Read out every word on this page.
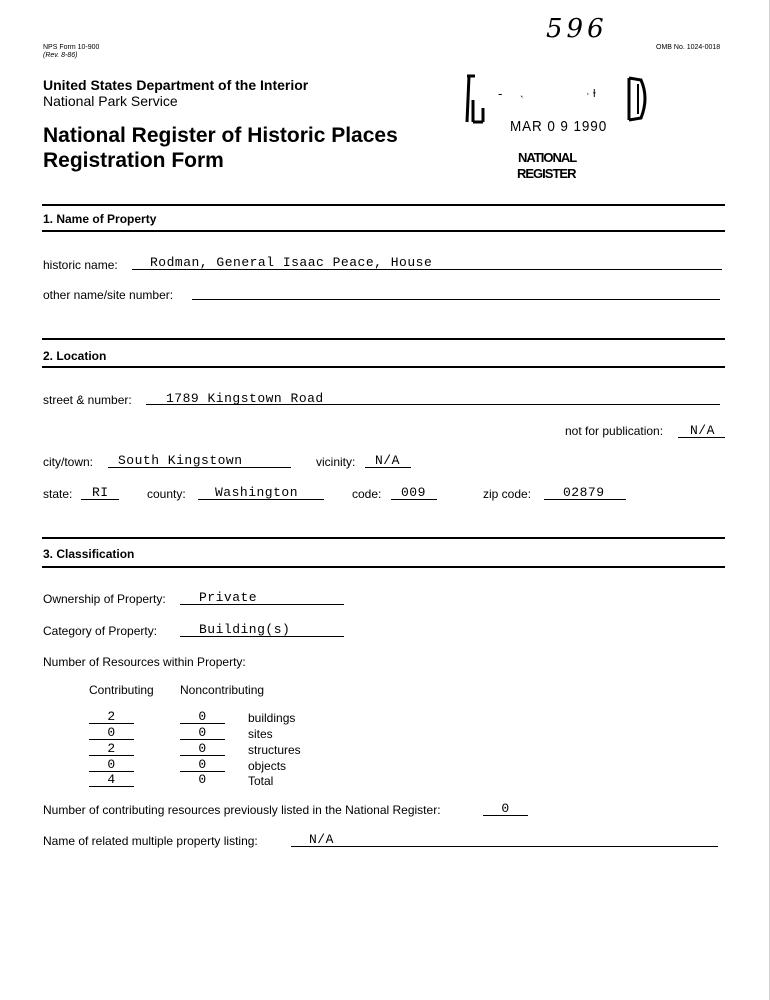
NPS Form 10-900
(Rev. 8-86)
OMB No. 1024-0018
596
United States Department of the Interior
National Park Service
National Register of Historic Places
Registration Form
- ˎ	· Ɨ
MAR 0 9 1990
NATIONAL
REGISTER
1. Name of Property
historic name: Rodman, General Isaac Peace, House
other name/site number:
2. Location
street & number:	1789 Kingstown Road
not for publication: N/A
city/town: South Kingstown	vicinity: N/A
state: RI	county: Washington	code: 009	zip code: 02879
3. Classification
Ownership of Property:	Private
Category of Property:	Building(s)
Number of Resources within Property:
Contributing Noncontributing
2	0	buildings
0	0	sites
2	0	structures
0	0	objects
4	0	Total
Number of contributing resources previously listed in the National Register:	0
Name of related multiple property listing:	N/A
